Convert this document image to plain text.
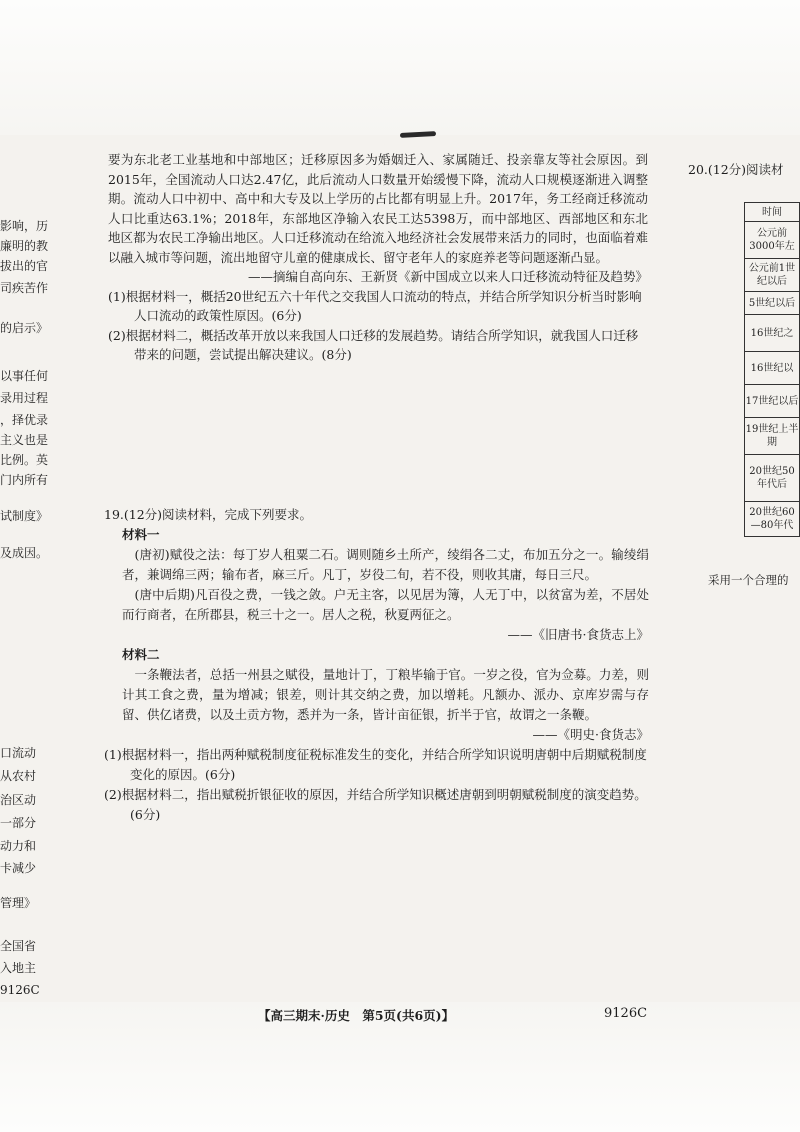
要为东北老工业基地和中部地区；迁移原因多为婚姻迁入、家属随迁、投亲靠友等社会原因。到2015年，全国流动人口达2.47亿，此后流动人口数量开始缓慢下降，流动人口规模逐渐进入调整期。流动人口中初中、高中和大专及以上学历的占比都有明显上升。2017年，务工经商迁移流动人口比重达63.1%；2018年，东部地区净输入农民工达5398万，而中部地区、西部地区和东北地区都为农民工净输出地区。人口迁移流动在给流入地经济社会发展带来活力的同时，也面临着难以融入城市等问题，流出地留守儿童的健康成长、留守老年人的家庭养老等问题逐渐凸显。

——摘编自高向东、王新贤《新中国成立以来人口迁移流动特征及趋势》

(1)根据材料一，概括20世纪五六十年代之交我国人口流动的特点，并结合所学知识分析当时影响人口流动的政策性原因。(6分)

(2)根据材料二，概括改革开放以来我国人口迁移的发展趋势。请结合所学知识，就我国人口迁移带来的问题，尝试提出解决建议。(8分)

19.(12分)阅读材料，完成下列要求。

材料一

(唐初)赋役之法：每丁岁人租粟二石。调则随乡土所产，绫绢各二丈，布加五分之一。输绫绢者，兼调绵三两；输布者，麻三斤。凡丁，岁役二旬，若不役，则收其庸，每日三尺。

(唐中后期)凡百役之费，一钱之敛。户无主客，以见居为簿，人无丁中，以贫富为差，不居处而行商者，在所郡县，税三十之一。居人之税，秋夏两征之。

——《旧唐书·食货志上》

材料二

一条鞭法者，总括一州县之赋役，量地计丁，丁粮毕输于官。一岁之役，官为佥募。力差，则计其工食之费，量为增减；银差，则计其交纳之费，加以增耗。凡额办、派办、京库岁需与存留、供亿诸费，以及土贡方物，悉并为一条，皆计亩征银，折半于官，故谓之一条鞭。

——《明史·食货志》

(1)根据材料一，指出两种赋税制度征税标准发生的变化，并结合所学知识说明唐朝中后期赋税制度变化的原因。(6分)

(2)根据材料二，指出赋税折银征收的原因，并结合所学知识概述唐朝到明朝赋税制度的演变趋势。(6分)

20.(12分)阅读材
时间
公元前3000年左
公元前1世纪以后
5世纪以后
16世纪之
16世纪以
17世纪以后
19世纪上半期
20世纪50年代后
20世纪60—80年代
采用一个合理的
【高三期末·历史　第5页(共6页)】	9126C
影响，历
廉明的教
拔出的官
司疾苦作
的启示》
以事任何
录用过程
，择优录
主义也是
比例。英
门内所有
试制度》
及成因。
口流动
从农村
治区动
一部分
动力和
卡减少
管理》
全国省
入地主
9126C
